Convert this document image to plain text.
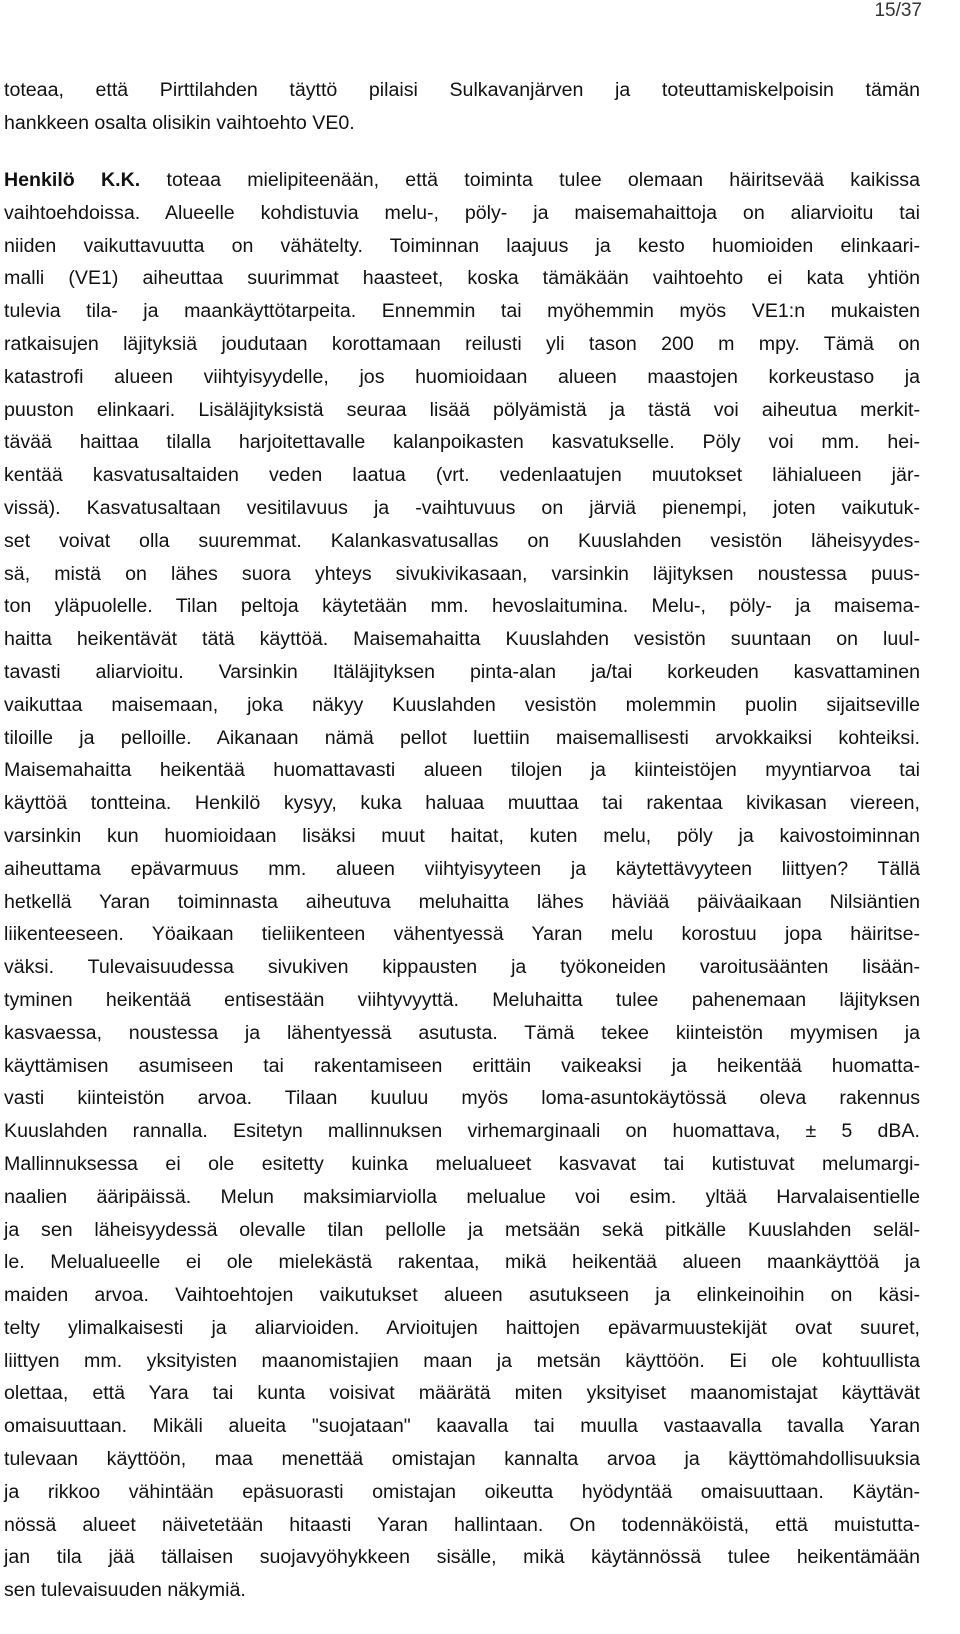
15/37
toteaa, että Pirttilahden täyttö pilaisi Sulkavanjärven ja toteuttamiskelpoisin tämän
hankkeen osalta olisikin vaihtoehto VE0.
Henkilö K.K. toteaa mielipiteenään, että toiminta tulee olemaan häiritsevää kaikissa
vaihtoehdoissa. Alueelle kohdistuvia melu-, pöly- ja maisemahaittoja on aliarvioitu tai
niiden vaikuttavuutta on vähätelty. Toiminnan laajuus ja kesto huomioiden elinkaari-
malli (VE1) aiheuttaa suurimmat haasteet, koska tämäkään vaihtoehto ei kata yhtiön
tulevia tila- ja maankäyttötarpeita. Ennemmin tai myöhemmin myös VE1:n mukaisten
ratkaisujen läjityksiä joudutaan korottamaan reilusti yli tason 200 m mpy. Tämä on
katastrofi alueen viihtyisyydelle, jos huomioidaan alueen maastojen korkeustaso ja
puuston elinkaari. Lisäläjityksistä seuraa lisää pölyämistä ja tästä voi aiheutua merkit-
tävää haittaa tilalla harjoitettavalle kalanpoikasten kasvatukselle. Pöly voi mm. hei-
kentää kasvatusaltaiden veden laatua (vrt. vedenlaatujen muutokset lähialueen jär-
vissä). Kasvatusaltaan vesitilavuus ja -vaihtuvuus on järviä pienempi, joten vaikutuk-
set voivat olla suuremmat. Kalankasvatusallas on Kuuslahden vesistön läheisyydes-
sä, mistä on lähes suora yhteys sivukivikasaan, varsinkin läjityksen noustessa puus-
ton yläpuolelle. Tilan peltoja käytetään mm. hevoslaitumina. Melu-, pöly- ja maisema-
haitta heikentävät tätä käyttöä. Maisemahaitta Kuuslahden vesistön suuntaan on luul-
tavasti aliarvioitu. Varsinkin Itäläjityksen pinta-alan ja/tai korkeuden kasvattaminen
vaikuttaa maisemaan, joka näkyy Kuuslahden vesistön molemmin puolin sijaitseville
tiloille ja pelloille. Aikanaan nämä pellot luettiin maisemallisesti arvokkaiksi kohteiksi.
Maisemahaitta heikentää huomattavasti alueen tilojen ja kiinteistöjen myyntiarvoa tai
käyttöä tontteina. Henkilö kysyy, kuka haluaa muuttaa tai rakentaa kivikasan viereen,
varsinkin kun huomioidaan lisäksi muut haitat, kuten melu, pöly ja kaivostoiminnan
aiheuttama epävarmuus mm. alueen viihtyisyyteen ja käytettävyyteen liittyen? Tällä
hetkellä Yaran toiminnasta aiheutuva meluhaitta lähes häviää päiväaikaan Nilsiäntien
liikenteeseen. Yöaikaan tieliikenteen vähentyessä Yaran melu korostuu jopa häiritse-
väksi. Tulevaisuudessa sivukiven kippausten ja työkoneiden varoitusäänten lisään-
tyminen heikentää entisestään viihtyvyyttä. Meluhaitta tulee pahenemaan läjityksen
kasvaessa, noustessa ja lähentyessä asutusta. Tämä tekee kiinteistön myymisen ja
käyttämisen asumiseen tai rakentamiseen erittäin vaikeaksi ja heikentää huomatta-
vasti kiinteistön arvoa. Tilaan kuuluu myös loma-asuntokäytössä oleva rakennus
Kuuslahden rannalla. Esitetyn mallinnuksen virhemarginaali on huomattava, ± 5 dBA.
Mallinnuksessa ei ole esitetty kuinka melualueet kasvavat tai kutistuvat melumargi-
naalien ääripäissä. Melun maksimiarviolla melualue voi esim. yltää Harvalaisentielle
ja sen läheisyydessä olevalle tilan pellolle ja metsään sekä pitkälle Kuuslahden seläl-
le. Melualueelle ei ole mielekästä rakentaa, mikä heikentää alueen maankäyttöä ja
maiden arvoa. Vaihtoehtojen vaikutukset alueen asutukseen ja elinkeinoihin on käsi-
telty ylimalkaisesti ja aliarvioiden. Arvioitujen haittojen epävarmuustekijät ovat suuret,
liittyen mm. yksityisten maanomistajien maan ja metsän käyttöön. Ei ole kohtuullista
olettaa, että Yara tai kunta voisivat määrätä miten yksityiset maanomistajat käyttävät
omaisuuttaan. Mikäli alueita "suojataan" kaavalla tai muulla vastaavalla tavalla Yaran
tulevaan käyttöön, maa menettää omistajan kannalta arvoa ja käyttömahdollisuuksia
ja rikkoo vähintään epäsuorasti omistajan oikeutta hyödyntää omaisuuttaan. Käytän-
nössä alueet näivetetään hitaasti Yaran hallintaan. On todennäköistä, että muistutta-
jan tila jää tällaisen suojavyöhykkeen sisälle, mikä käytännössä tulee heikentämään
sen tulevaisuuden näkymiä.
